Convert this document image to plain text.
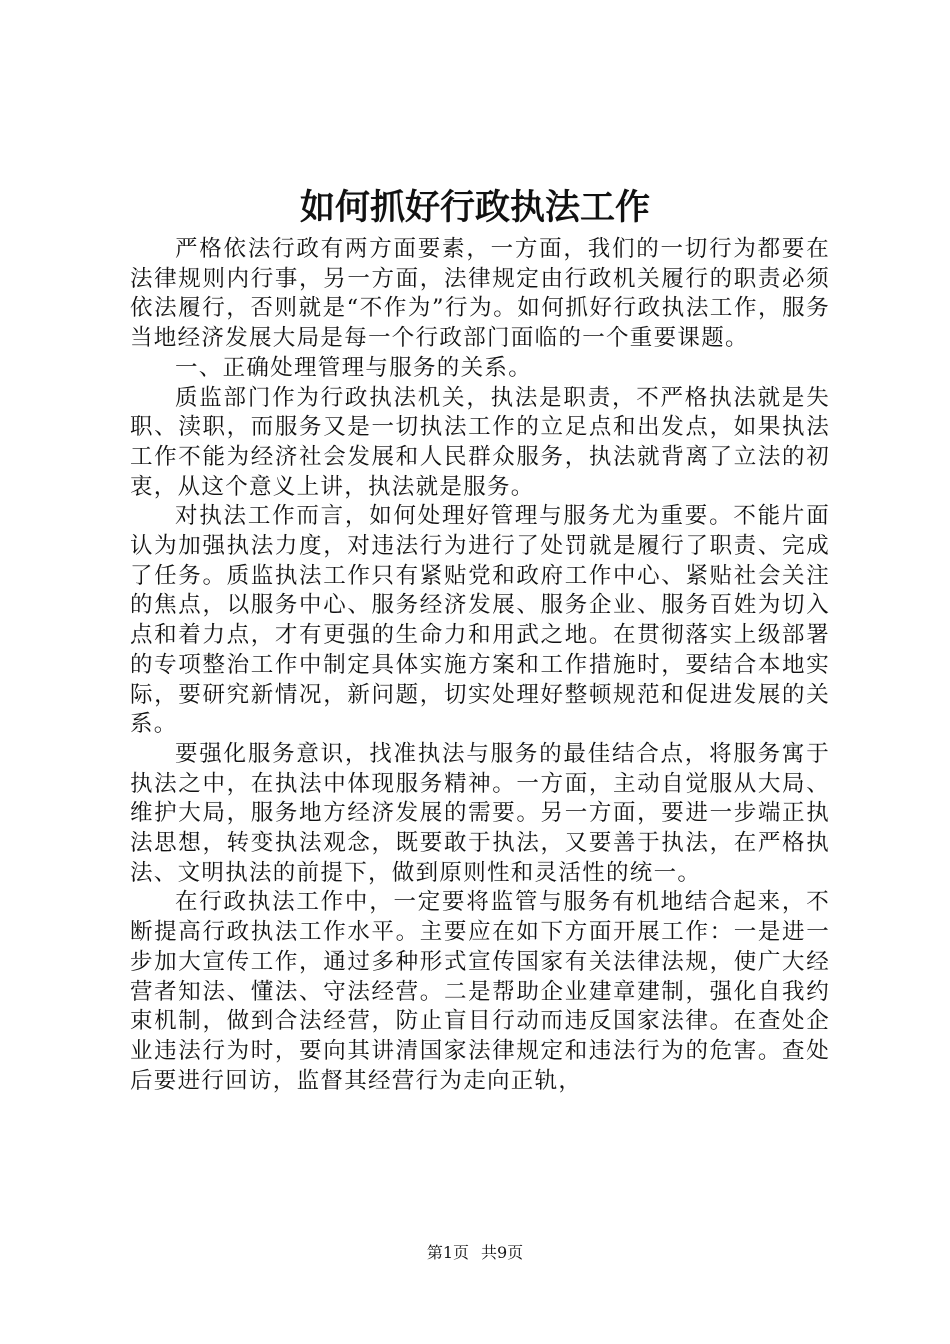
如何抓好行政执法工作

严格依法行政有两方面要素，一方面，我们的一切行为都要在法律规则内行事，另一方面，法律规定由行政机关履行的职责必须依法履行，否则就是“不作为”行为。如何抓好行政执法工作，服务当地经济发展大局是每一个行政部门面临的一个重要课题。

一、正确处理管理与服务的关系。

质监部门作为行政执法机关，执法是职责，不严格执法就是失职、渎职，而服务又是一切执法工作的立足点和出发点，如果执法工作不能为经济社会发展和人民群众服务，执法就背离了立法的初衷，从这个意义上讲，执法就是服务。

对执法工作而言，如何处理好管理与服务尤为重要。不能片面认为加强执法力度，对违法行为进行了处罚就是履行了职责、完成了任务。质监执法工作只有紧贴党和政府工作中心、紧贴社会关注的焦点，以服务中心、服务经济发展、服务企业、服务百姓为切入点和着力点，才有更强的生命力和用武之地。在贯彻落实上级部署的专项整治工作中制定具体实施方案和工作措施时，要结合本地实际，要研究新情况，新问题，切实处理好整顿规范和促进发展的关系。

要强化服务意识，找准执法与服务的最佳结合点，将服务寓于执法之中，在执法中体现服务精神。一方面，主动自觉服从大局、维护大局，服务地方经济发展的需要。另一方面，要进一步端正执法思想，转变执法观念，既要敢于执法，又要善于执法，在严格执法、文明执法的前提下，做到原则性和灵活性的统一。

在行政执法工作中，一定要将监管与服务有机地结合起来，不断提高行政执法工作水平。主要应在如下方面开展工作：一是进一步加大宣传工作，通过多种形式宣传国家有关法律法规，使广大经营者知法、懂法、守法经营。二是帮助企业建章建制，强化自我约束机制，做到合法经营，防止盲目行动而违反国家法律。在查处企业违法行为时，要向其讲清国家法律规定和违法行为的危害。查处后要进行回访，监督其经营行为走向正轨，

第1页 共9页
